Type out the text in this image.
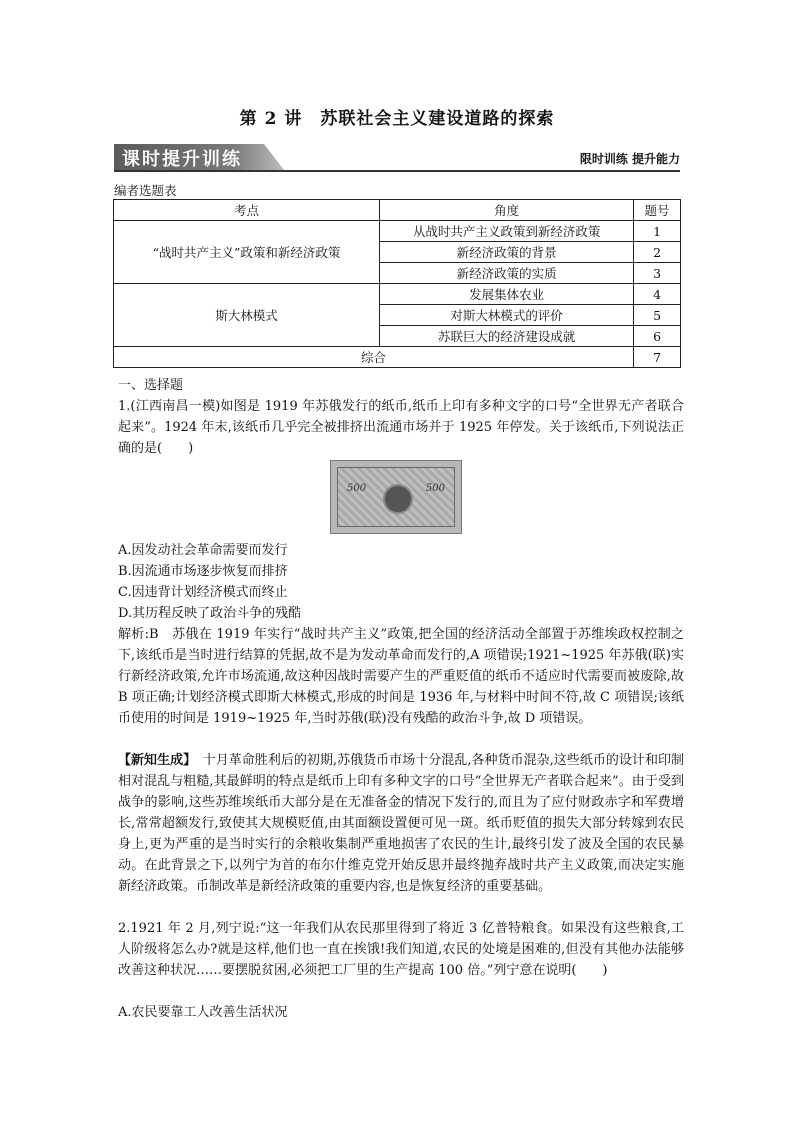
第 2 讲　苏联社会主义建设道路的探索
课时提升训练	限时训练 提升能力
编者选题表
考点	角度	题号
“战时共产主义”政策和新经济政策	从战时共产主义政策到新经济政策	1
	新经济政策的背景	2
	新经济政策的实质	3
斯大林模式	发展集体农业	4
	对斯大林模式的评价	5
	苏联巨大的经济建设成就	6
综合		7

一、选择题

1.(江西南昌一模)如图是 1919 年苏俄发行的纸币,纸币上印有多种文字的口号“全世界无产者联合起来”。1924 年末,该纸币几乎完全被排挤出流通市场并于 1925 年停发。关于该纸币,下列说法正确的是(　　)

500	500

A.因发动社会革命需要而发行

B.因流通市场逐步恢复而排挤

C.因违背计划经济模式而终止

D.其历程反映了政治斗争的残酷

解析:B　苏俄在 1919 年实行“战时共产主义”政策,把全国的经济活动全部置于苏维埃政权控制之下,该纸币是当时进行结算的凭据,故不是为发动革命而发行的,A 项错误;1921~1925 年苏俄(联)实行新经济政策,允许市场流通,故这种因战时需要产生的严重贬值的纸币不适应时代需要而被废除,故 B 项正确;计划经济模式即斯大林模式,形成的时间是 1936 年,与材料中时间不符,故 C 项错误;该纸币使用的时间是 1919~1925 年,当时苏俄(联)没有残酷的政治斗争,故 D 项错误。

【新知生成】　十月革命胜利后的初期,苏俄货币市场十分混乱,各种货币混杂,这些纸币的设计和印制相对混乱与粗糙,其最鲜明的特点是纸币上印有多种文字的口号“全世界无产者联合起来”。由于受到战争的影响,这些苏维埃纸币大部分是在无准备金的情况下发行的,而且为了应付财政赤字和军费增长,常常超额发行,致使其大规模贬值,由其面额设置便可见一斑。纸币贬值的损失大部分转嫁到农民身上,更为严重的是当时实行的余粮收集制严重地损害了农民的生计,最终引发了波及全国的农民暴动。在此背景之下,以列宁为首的布尔什维克党开始反思并最终抛弃战时共产主义政策,而决定实施新经济政策。币制改革是新经济政策的重要内容,也是恢复经济的重要基础。

2.1921 年 2 月,列宁说:“这一年我们从农民那里得到了将近 3 亿普特粮食。如果没有这些粮食,工人阶级将怎么办?就是这样,他们也一直在挨饿!我们知道,农民的处境是困难的,但没有其他办法能够改善这种状况……要摆脱贫困,必须把工厂里的生产提高 100 倍。”列宁意在说明(　　)

A.农民要靠工人改善生活状况
